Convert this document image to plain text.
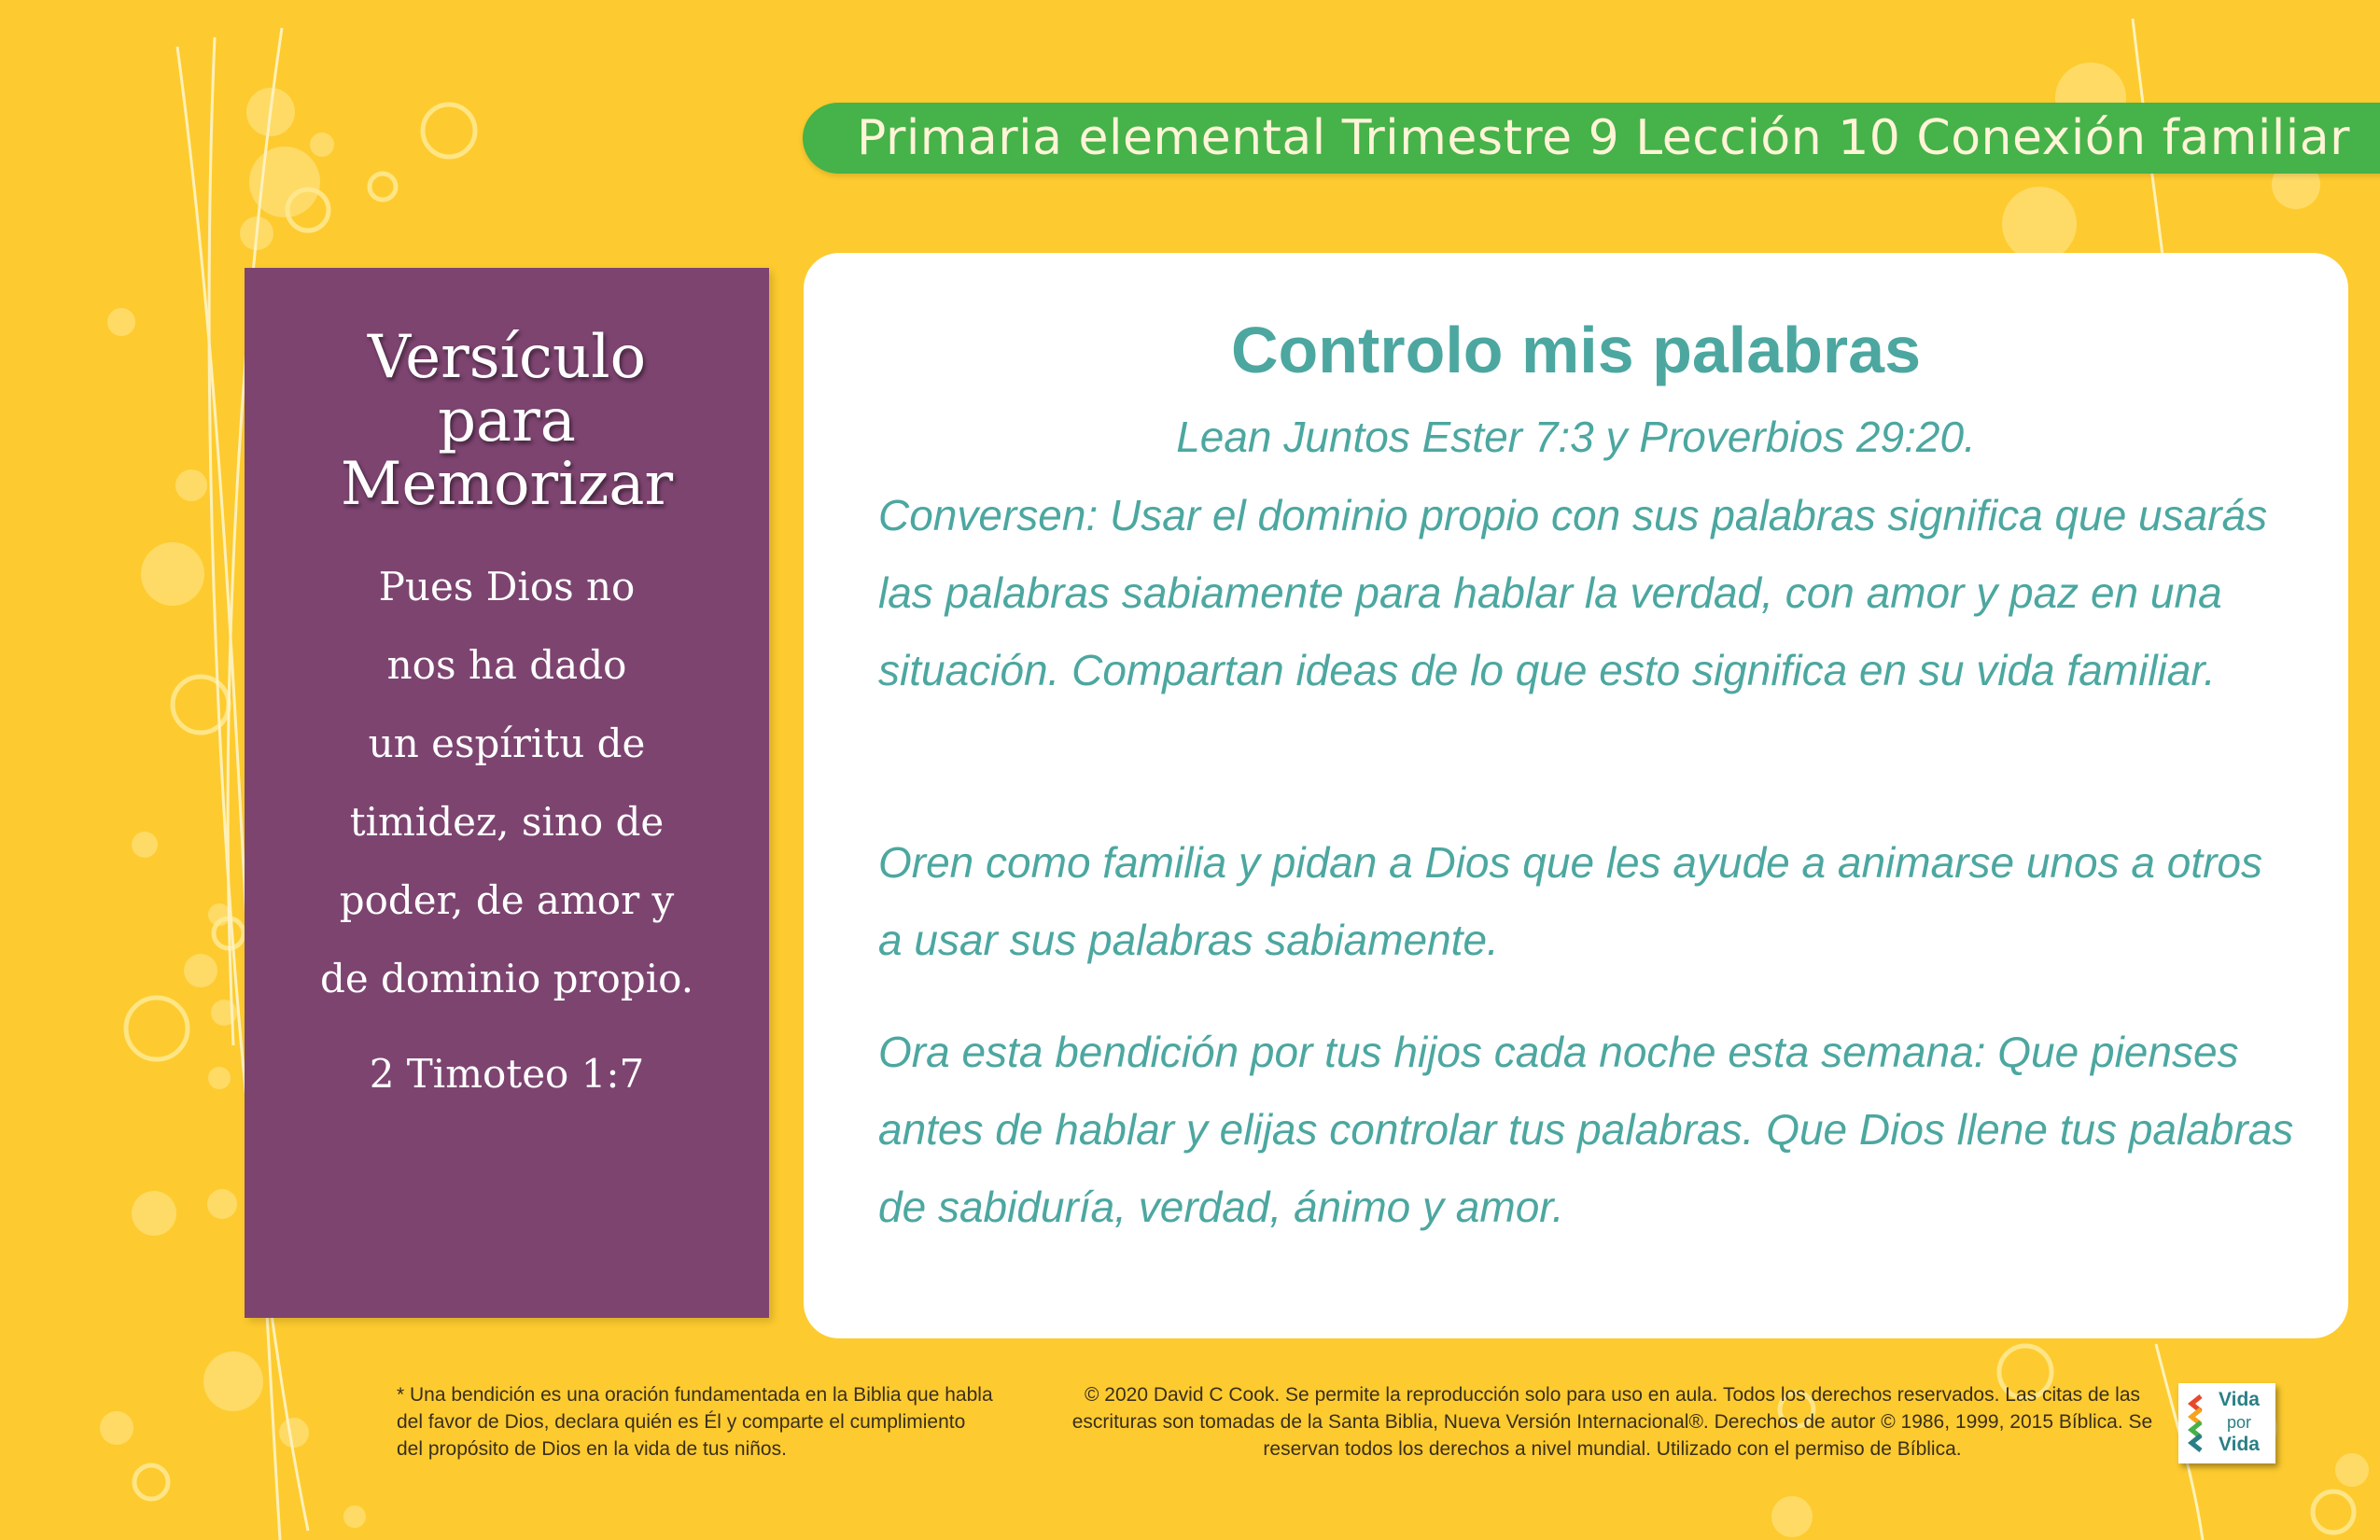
Primaria elemental Trimestre 9 Lección 10 Conexión familiar
Versículo
para
Memorizar
Pues Dios no
nos ha dado
un espíritu de
timidez, sino de
poder, de amor y
de dominio propio.
2 Timoteo 1:7
Controlo mis palabras
Lean Juntos Ester 7:3 y Proverbios 29:20.
Conversen: Usar el dominio propio con sus palabras significa que usarás las palabras sabiamente para hablar la verdad, con amor y paz en una situación. Compartan ideas de lo que esto significa en su vida familiar.
Oren como familia y pidan a Dios que les ayude a animarse unos a otros a usar sus palabras sabiamente.
Ora esta bendición por tus hijos cada noche esta semana: Que pienses antes de hablar y elijas controlar tus palabras. Que Dios llene tus palabras de sabiduría, verdad, ánimo y amor.
* Una bendición es una oración fundamentada en la Biblia que habla del favor de Dios, declara quién es Él y comparte el cumplimiento del propósito de Dios en la vida de tus niños.
© 2020 David C Cook. Se permite la reproducción solo para uso en aula. Todos los derechos reservados. Las citas de las escrituras son tomadas de la Santa Biblia, Nueva Versión Internacional®. Derechos de autor © 1986, 1999, 2015 Bíblica. Se reservan todos los derechos a nivel mundial. Utilizado con el permiso de Bíblica.
Vida
por
Vida
